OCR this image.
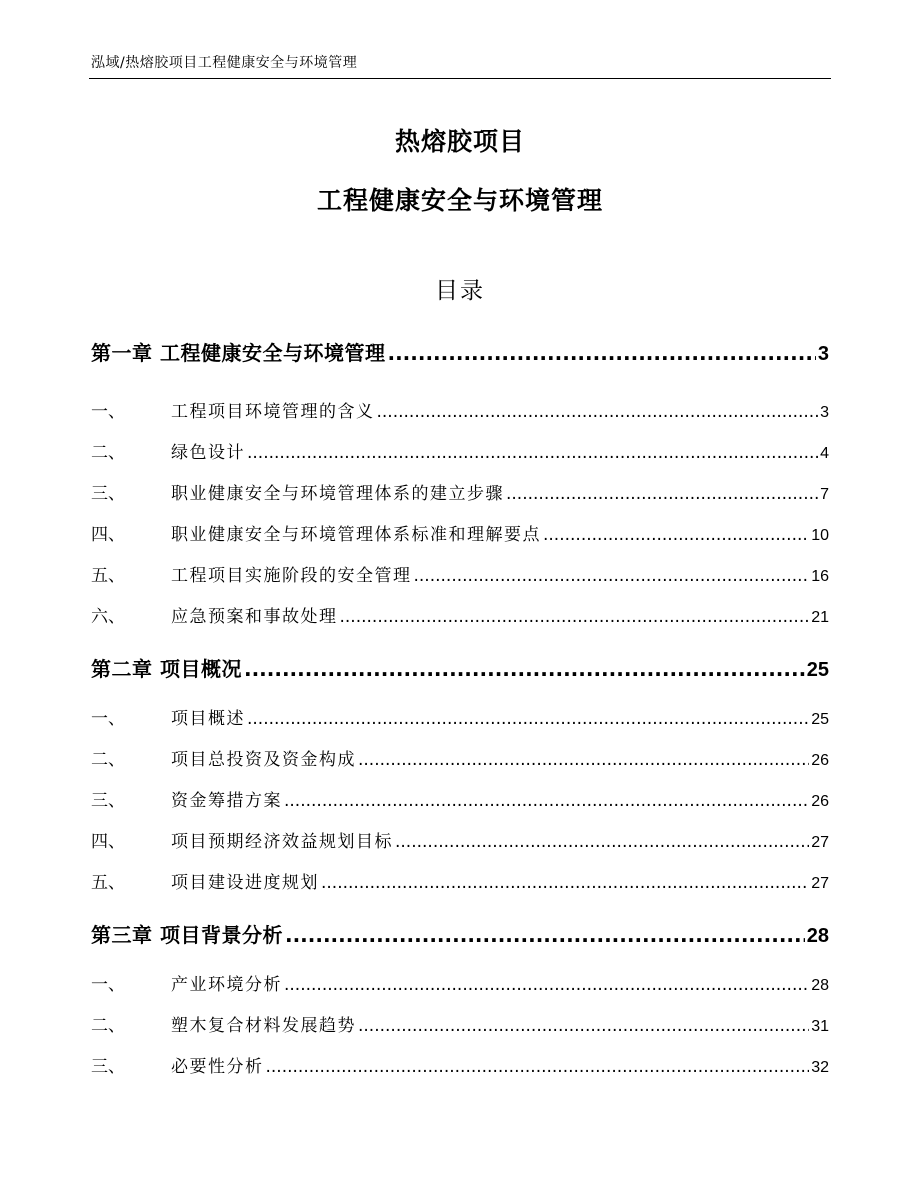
泓域/热熔胶项目工程健康安全与环境管理
热熔胶项目
工程健康安全与环境管理
目录
第一章 工程健康安全与环境管理 .....	3
一、	工程项目环境管理的含义 .....	3
二、	绿色设计 .....	4
三、	职业健康安全与环境管理体系的建立步骤 .....	7
四、	职业健康安全与环境管理体系标准和理解要点 .....	10
五、	工程项目实施阶段的安全管理 .....	16
六、	应急预案和事故处理 .....	21
第二章 项目概况 .....	25
一、	项目概述 .....	25
二、	项目总投资及资金构成 .....	26
三、	资金筹措方案 .....	26
四、	项目预期经济效益规划目标 .....	27
五、	项目建设进度规划 .....	27
第三章 项目背景分析 .....	28
一、	产业环境分析 .....	28
二、	塑木复合材料发展趋势 .....	31
三、	必要性分析 .....	32
